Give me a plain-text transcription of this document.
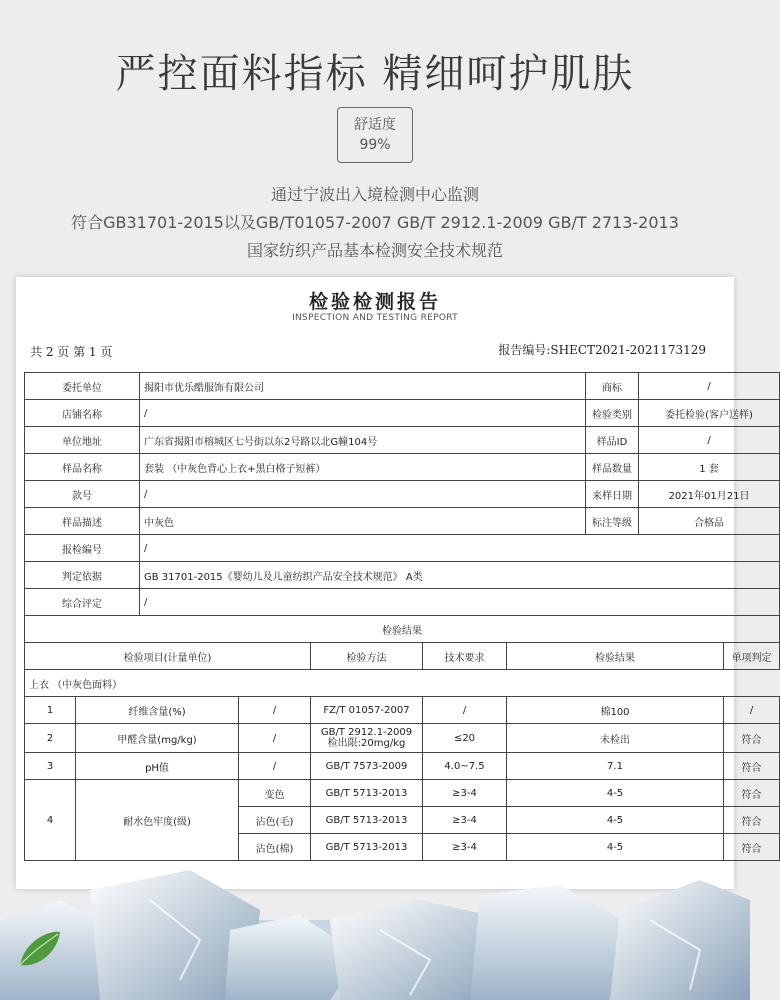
严控面料指标 精细呵护肌肤
舒适度
99%
通过宁波出入境检测中心监测
符合GB31701-2015以及GB/T01057-2007 GB/T 2912.1-2009 GB/T 2713-2013
国家纺织产品基本检测安全技术规范
检验检测报告
INSPECTION AND TESTING REPORT
共 2 页 第 1 页	报告编号:SHECT2021-2021173129
委托单位		揭阳市优乐酷服饰有限公司					商标	/	
店铺名称		/					检验类别	委托检验(客户送样)	
单位地址		广东省揭阳市榕城区七号街以东2号路以北G幢104号					样品ID	/	
样品名称		套装 （中灰色背心上衣+黑白格子短裤）					样品数量	1 套	
款号		/					来样日期	2021年01月21日	
样品描述		中灰色					标注等级	合格品	
报检编号		/							
判定依据		GB 31701-2015《婴幼儿及儿童纺织产品安全技术规范》 A类							
综合评定		/							
检验结果									
检验项目(计量单位)				检验方法	技术要求	检验结果			单项判定
上衣 （中灰色面料）									
1	纤维含量(%)		/	FZ/T 01057-2007	/	棉100			/
2	甲醛含量(mg/kg)		/	GB/T 2912.1-2009
检出限:20mg/kg	≤20	未检出			符合
3	pH值		/	GB/T 7573-2009	4.0~7.5	7.1			符合
4	耐水色牢度(级)		变色	GB/T 5713-2013	≥3-4	4-5			符合
			沾色(毛)	GB/T 5713-2013	≥3-4	4-5			符合
			沾色(棉)	GB/T 5713-2013	≥3-4	4-5			符合
